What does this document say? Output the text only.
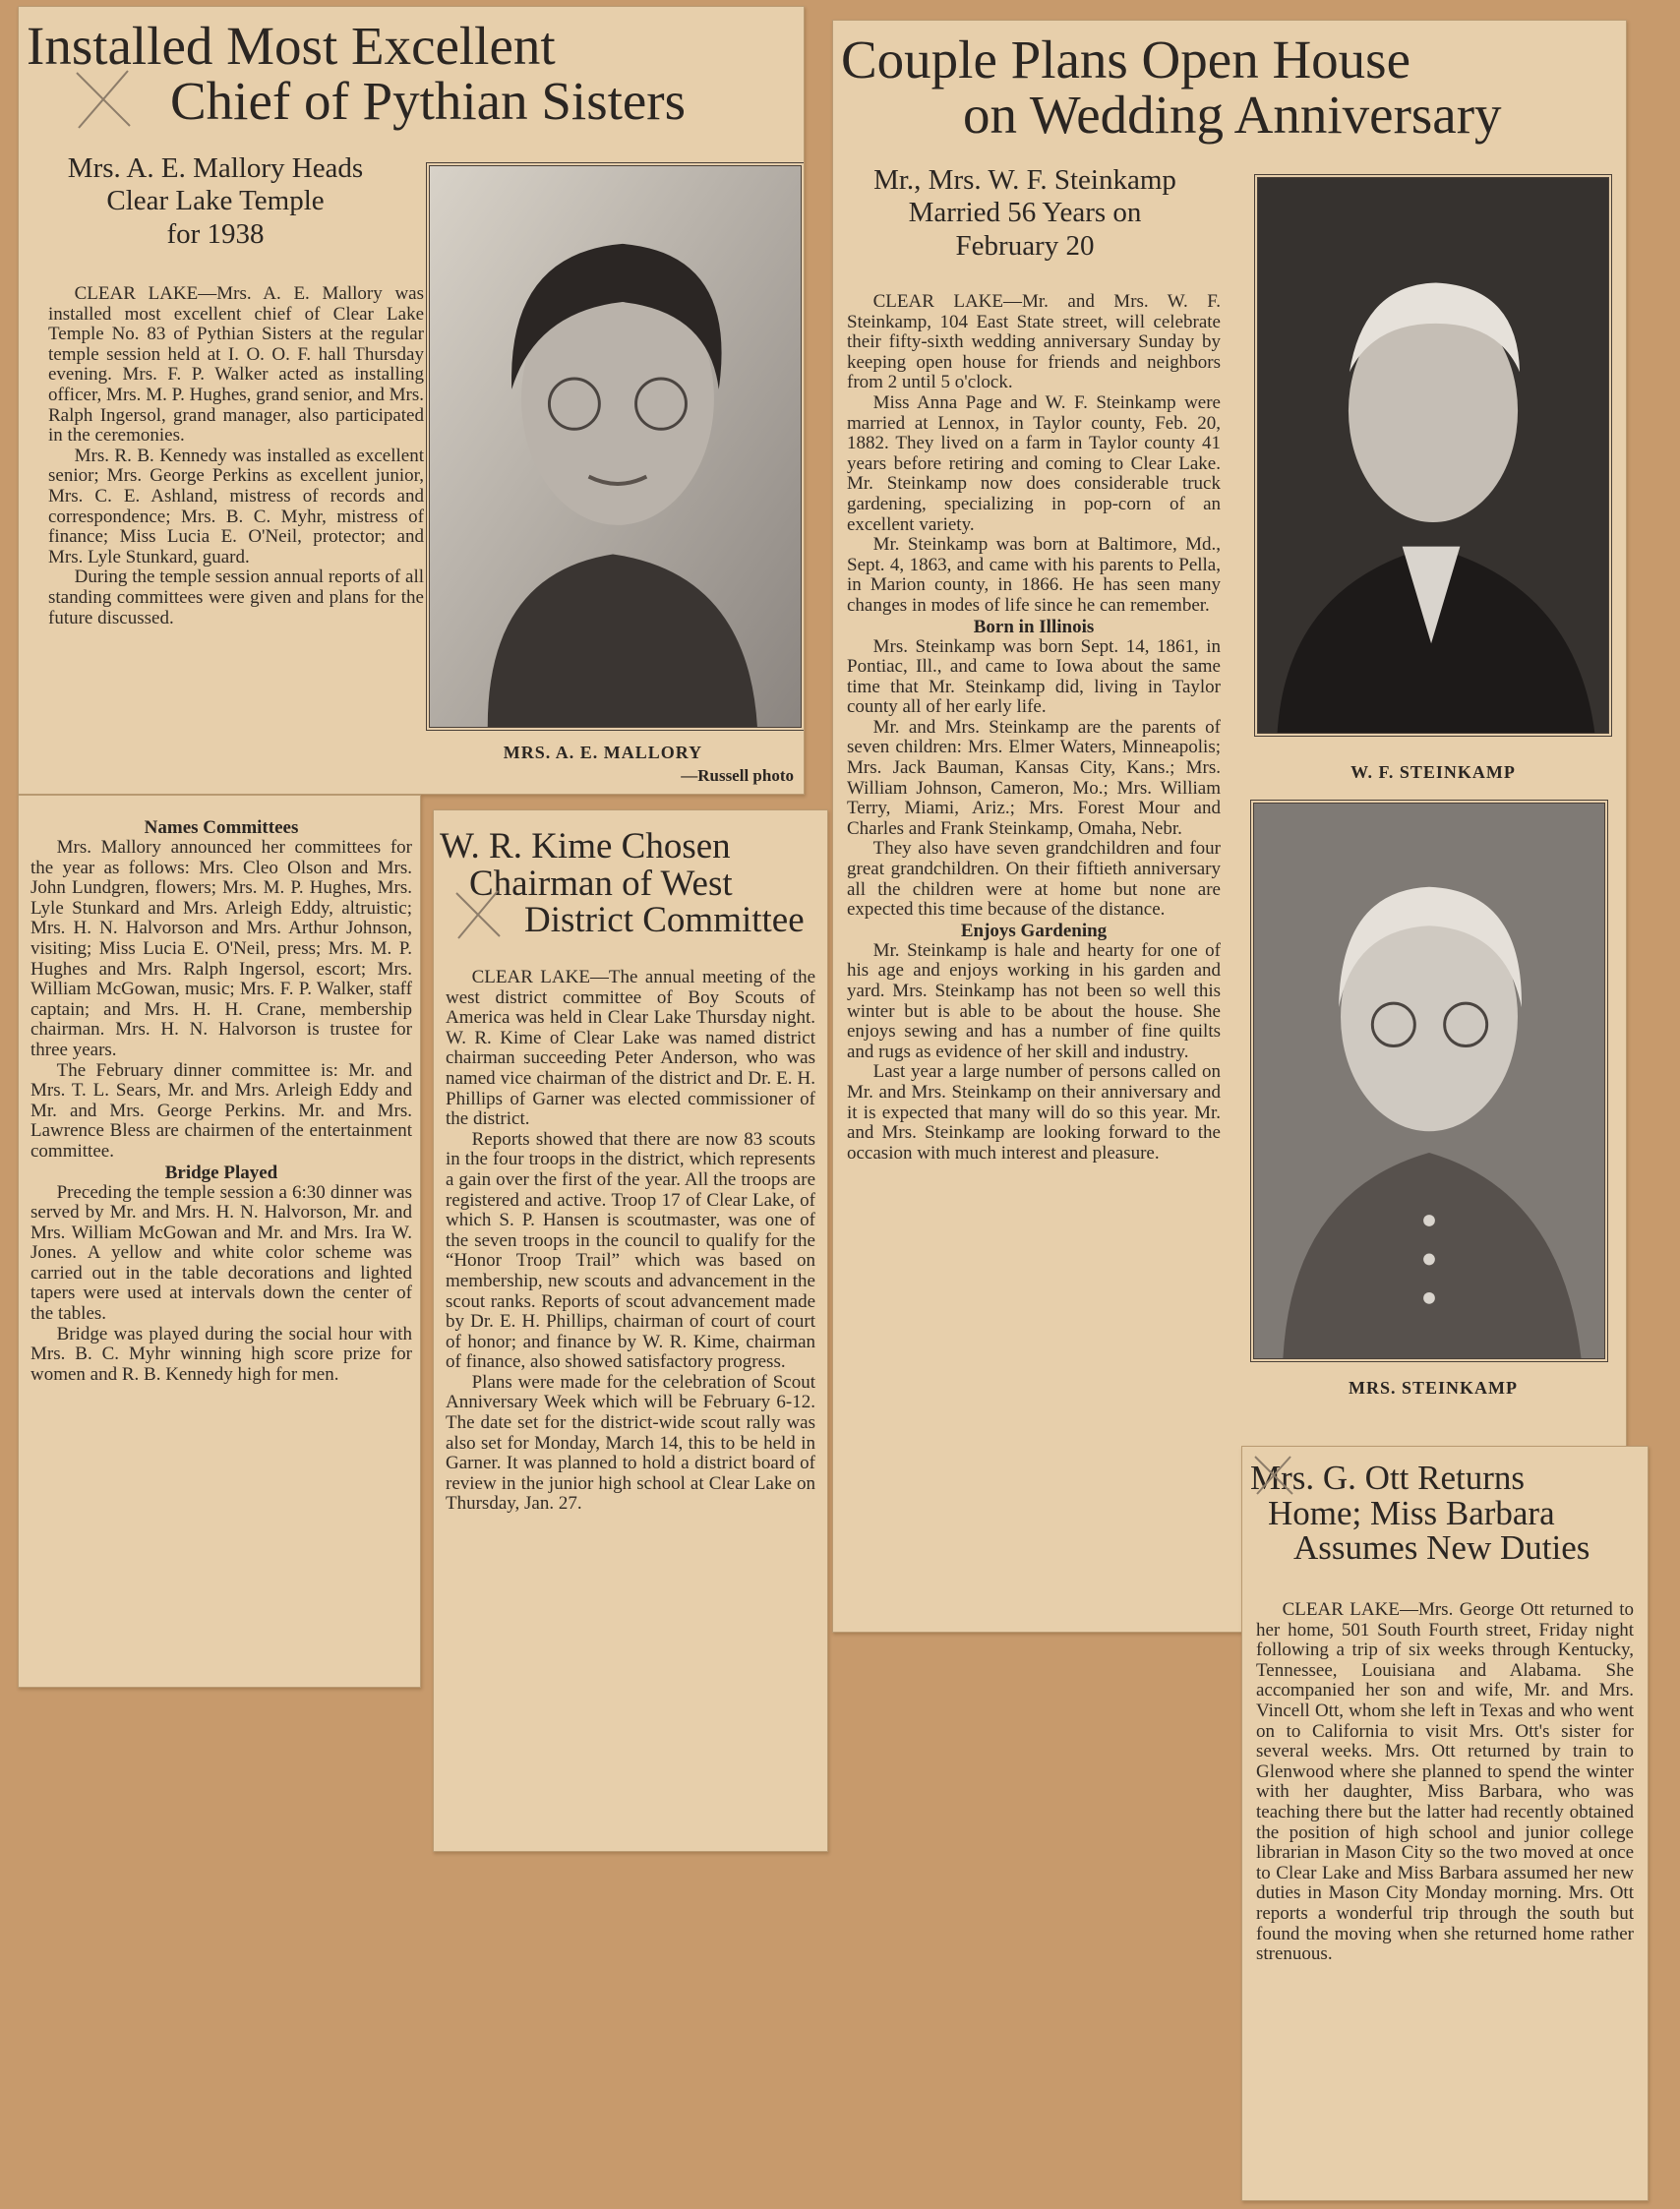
Installed Most Excellent
Chief of Pythian Sisters
Mrs. A. E. Mallory Heads
Clear Lake Temple
for 1938

CLEAR LAKE—Mrs. A. E. Mallory was installed most excellent chief of Clear Lake Temple No. 83 of Pythian Sisters at the regular temple session held at I. O. O. F. hall Thursday evening. Mrs. F. P. Walker acted as installing officer, Mrs. M. P. Hughes, grand senior, and Mrs. Ralph Ingersol, grand manager, also participated in the ceremonies.

Mrs. R. B. Kennedy was installed as excellent senior; Mrs. George Perkins as excellent junior, Mrs. C. E. Ashland, mistress of records and correspondence; Mrs. B. C. Myhr, mistress of finance; Miss Lucia E. O'Neil, protector; and Mrs. Lyle Stunkard, guard.

During the temple session annual reports of all standing committees were given and plans for the future discussed.

MRS. A. E. MALLORY
—Russell photo
Names Committees

Mrs. Mallory announced her committees for the year as follows: Mrs. Cleo Olson and Mrs. John Lundgren, flowers; Mrs. M. P. Hughes, Mrs. Lyle Stunkard and Mrs. Arleigh Eddy, altruistic; Mrs. H. N. Halvorson and Mrs. Arthur Johnson, visiting; Miss Lucia E. O'Neil, press; Mrs. M. P. Hughes and Mrs. Ralph Ingersol, escort; Mrs. William McGowan, music; Mrs. F. P. Walker, staff captain; and Mrs. H. H. Crane, membership chairman. Mrs. H. N. Halvorson is trustee for three years.

The February dinner committee is: Mr. and Mrs. T. L. Sears, Mr. and Mrs. Arleigh Eddy and Mr. and Mrs. George Perkins. Mr. and Mrs. Lawrence Bless are chairmen of the entertainment committee.

Bridge Played

Preceding the temple session a 6:30 dinner was served by Mr. and Mrs. H. N. Halvorson, Mr. and Mrs. William McGowan and Mr. and Mrs. Ira W. Jones. A yellow and white color scheme was carried out in the table decorations and lighted tapers were used at intervals down the center of the tables.

Bridge was played during the social hour with Mrs. B. C. Myhr winning high score prize for women and R. B. Kennedy high for men.

W. R. Kime Chosen
Chairman of West
District Committee

CLEAR LAKE—The annual meeting of the west district committee of Boy Scouts of America was held in Clear Lake Thursday night. W. R. Kime of Clear Lake was named district chairman succeeding Peter Anderson, who was named vice chairman of the district and Dr. E. H. Phillips of Garner was elected commissioner of the district.

Reports showed that there are now 83 scouts in the four troops in the district, which represents a gain over the first of the year. All the troops are registered and active. Troop 17 of Clear Lake, of which S. P. Hansen is scoutmaster, was one of the seven troops in the council to qualify for the “Honor Troop Trail” which was based on membership, new scouts and advancement in the scout ranks. Reports of scout advancement made by Dr. E. H. Phillips, chairman of court of court of honor; and finance by W. R. Kime, chairman of finance, also showed satisfactory progress.

Plans were made for the celebration of Scout Anniversary Week which will be February 6-12. The date set for the district-wide scout rally was also set for Monday, March 14, this to be held in Garner. It was planned to hold a district board of review in the junior high school at Clear Lake on Thursday, Jan. 27.

Couple Plans Open House
on Wedding Anniversary
Mr., Mrs. W. F. Steinkamp
Married 56 Years on
February 20

CLEAR LAKE—Mr. and Mrs. W. F. Steinkamp, 104 East State street, will celebrate their fifty-sixth wedding anniversary Sunday by keeping open house for friends and neighbors from 2 until 5 o'clock.

Miss Anna Page and W. F. Steinkamp were married at Lennox, in Taylor county, Feb. 20, 1882. They lived on a farm in Taylor county 41 years before retiring and coming to Clear Lake. Mr. Steinkamp now does considerable truck gardening, specializing in pop-corn of an excellent variety.

Mr. Steinkamp was born at Baltimore, Md., Sept. 4, 1863, and came with his parents to Pella, in Marion county, in 1866. He has seen many changes in modes of life since he can remember.

Born in Illinois

Mrs. Steinkamp was born Sept. 14, 1861, in Pontiac, Ill., and came to Iowa about the same time that Mr. Steinkamp did, living in Taylor county all of her early life.

Mr. and Mrs. Steinkamp are the parents of seven children: Mrs. Elmer Waters, Minneapolis; Mrs. Jack Bauman, Kansas City, Kans.; Mrs. William Johnson, Cameron, Mo.; Mrs. William Terry, Miami, Ariz.; Mrs. Forest Mour and Charles and Frank Steinkamp, Omaha, Nebr.

They also have seven grandchildren and four great grandchildren. On their fiftieth anniversary all the children were at home but none are expected this time because of the distance.

Enjoys Gardening

Mr. Steinkamp is hale and hearty for one of his age and enjoys working in his garden and yard. Mrs. Steinkamp has not been so well this winter but is able to be about the house. She enjoys sewing and has a number of fine quilts and rugs as evidence of her skill and industry.

Last year a large number of persons called on Mr. and Mrs. Steinkamp on their anniversary and it is expected that many will do so this year. Mr. and Mrs. Steinkamp are looking forward to the occasion with much interest and pleasure.

W. F. STEINKAMP
MRS. STEINKAMP
Mrs. G. Ott Returns
Home; Miss Barbara
Assumes New Duties

CLEAR LAKE—Mrs. George Ott returned to her home, 501 South Fourth street, Friday night following a trip of six weeks through Kentucky, Tennessee, Louisiana and Alabama. She accompanied her son and wife, Mr. and Mrs. Vincell Ott, whom she left in Texas and who went on to California to visit Mrs. Ott's sister for several weeks. Mrs. Ott returned by train to Glenwood where she planned to spend the winter with her daughter, Miss Barbara, who was teaching there but the latter had recently obtained the position of high school and junior college librarian in Mason City so the two moved at once to Clear Lake and Miss Barbara assumed her new duties in Mason City Monday morning. Mrs. Ott reports a wonderful trip through the south but found the moving when she returned home rather strenuous.
